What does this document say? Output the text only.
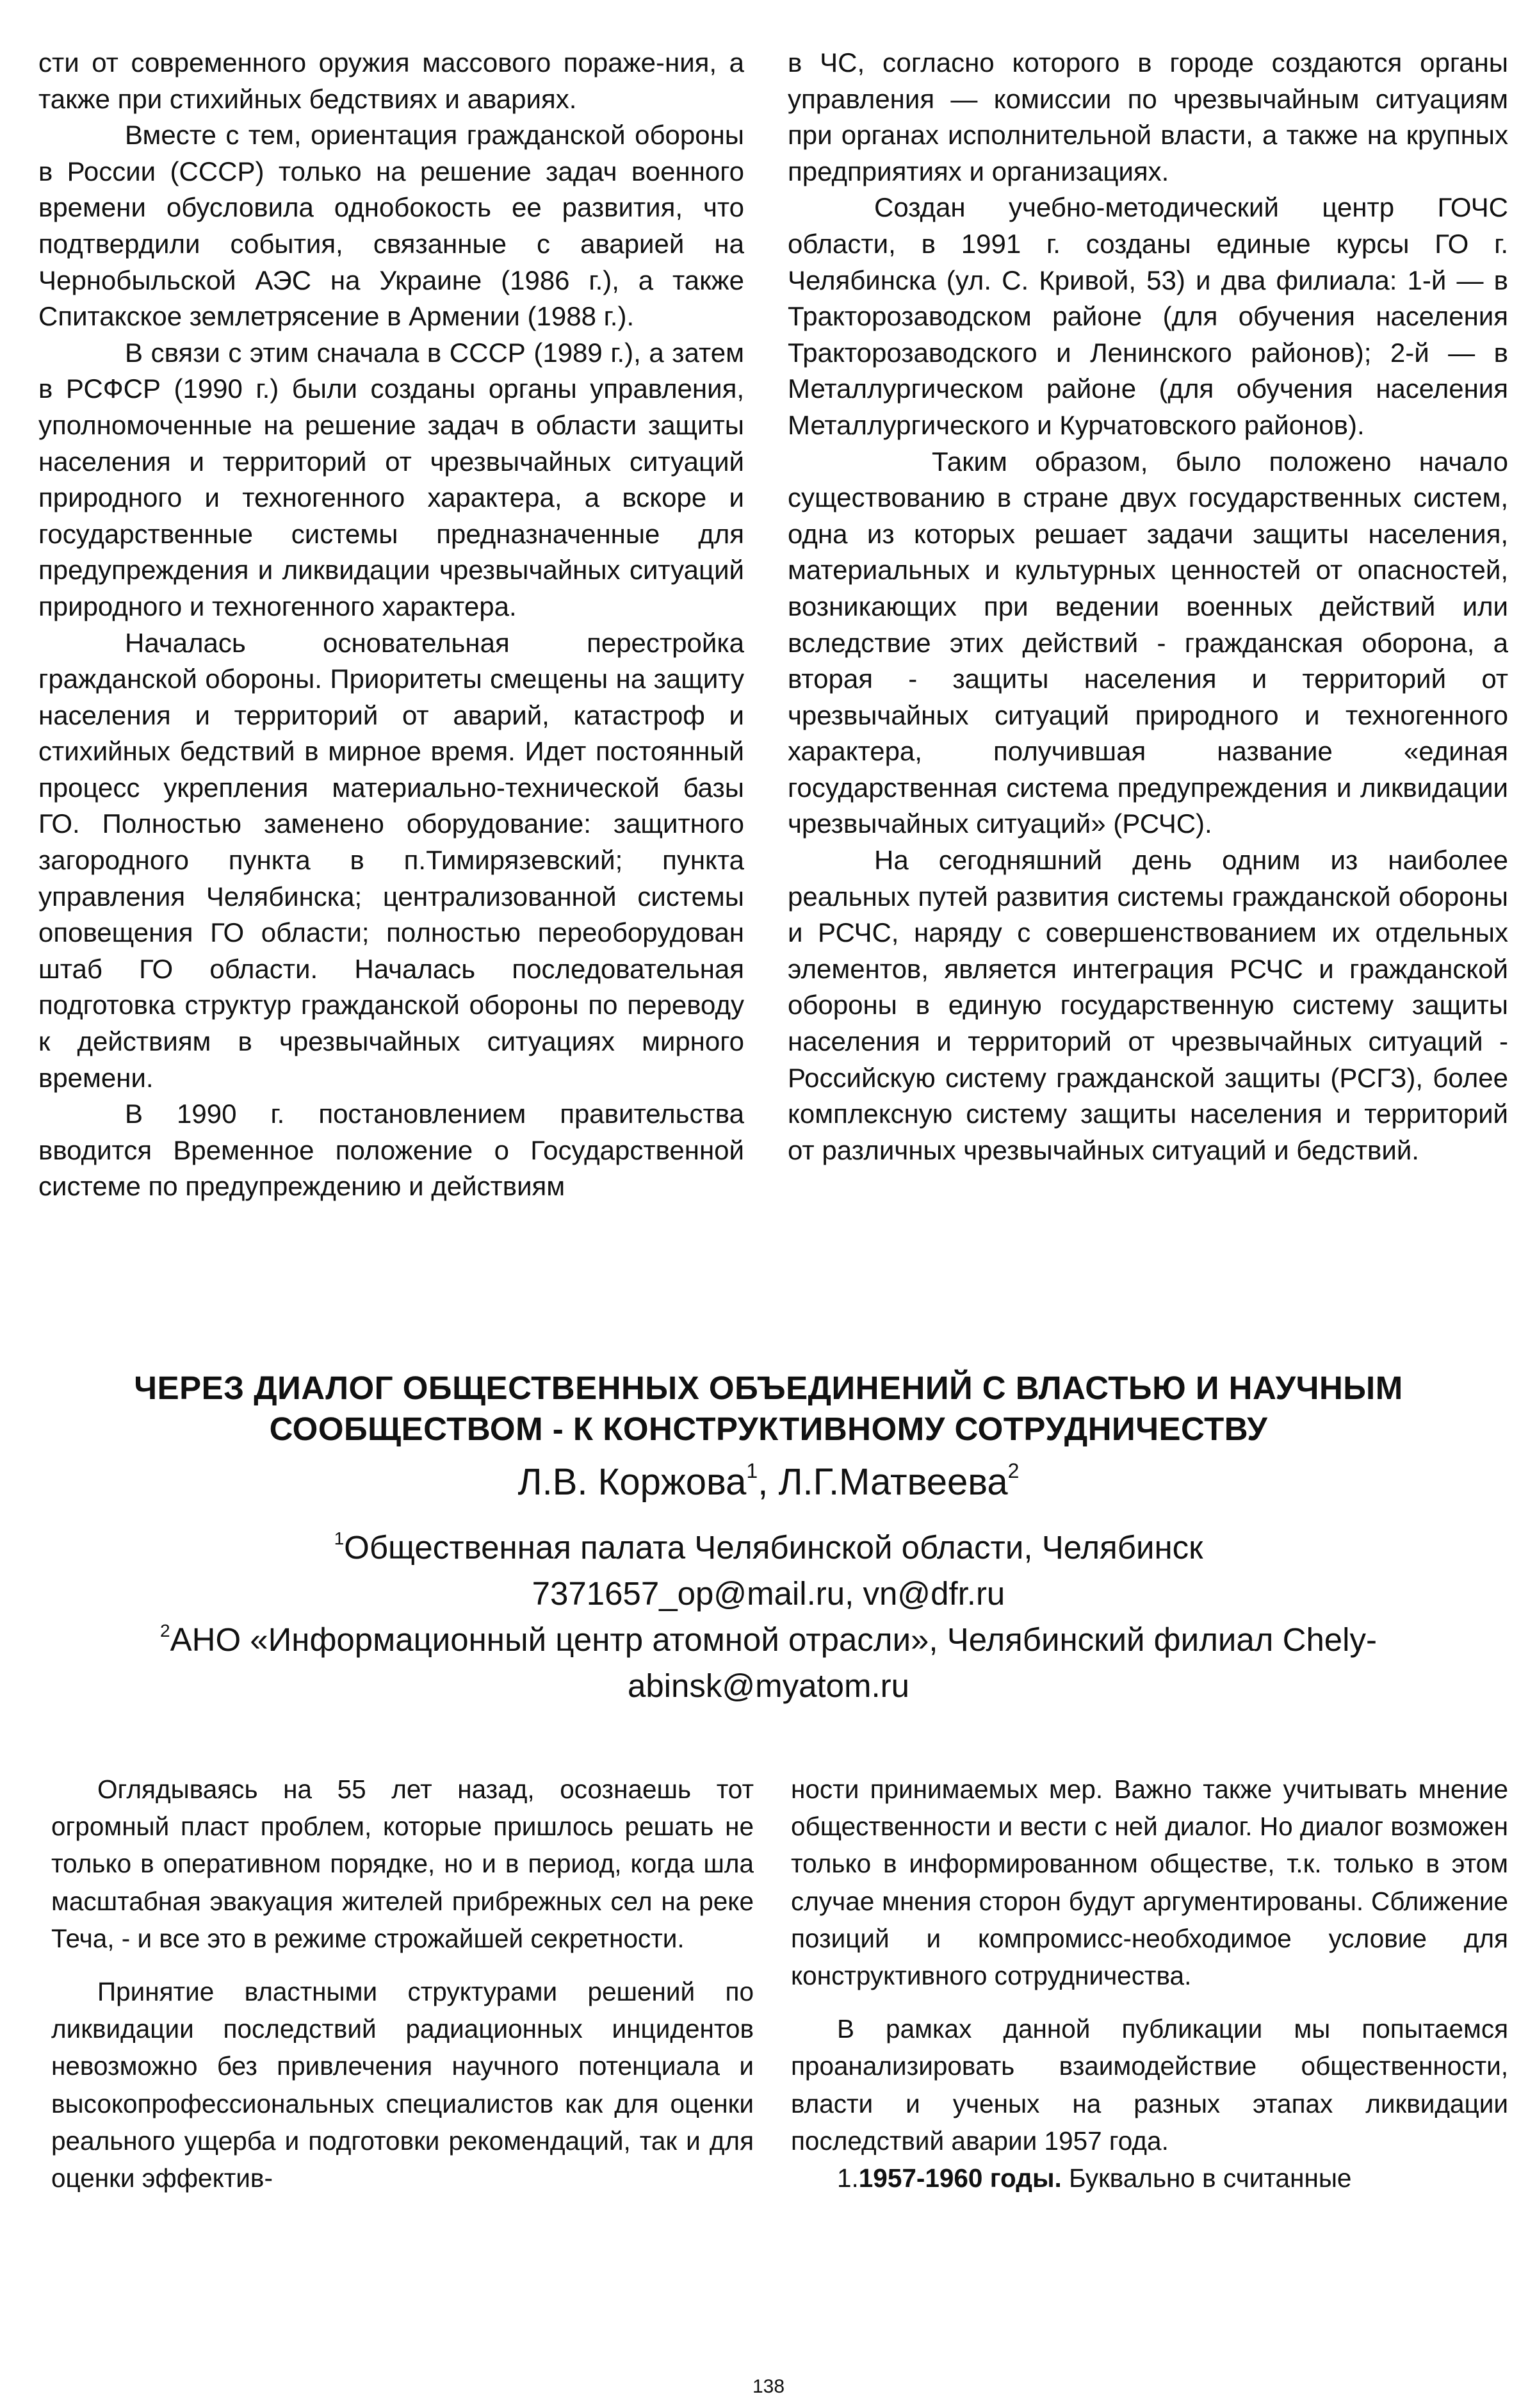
сти от современного оружия массового пораже-ния, а также при стихийных бедствиях и авариях.

Вместе с тем, ориентация гражданской обороны в России (СССР) только на решение задач военного времени обусловила однобокость ее развития, что подтвердили события, связанные с аварией на Чернобыльской АЭС на Украине (1986 г.), а также Спитакское землетрясение в Армении (1988 г.).

В связи с этим сначала в СССР (1989 г.), а затем в РСФСР (1990 г.) были созданы органы управления, уполномоченные на решение задач в области защиты населения и территорий от чрезвычайных ситуаций природного и техногенного характера, а вскоре и государственные системы предназначенные для предупреждения и ликвидации чрезвычайных ситуаций природного и техногенного характера.

Началась основательная перестройка гражданской обороны. Приоритеты смещены на защиту населения и территорий от аварий, катастроф и стихийных бедствий в мирное время. Идет постоянный процесс укрепления материально-технической базы ГО. Полностью заменено оборудование: защитного загородного пункта в п.Тимирязевский; пункта управления Челябинска; централизованной системы оповещения ГО области; полностью переоборудован штаб ГО области. Началась последовательная подготовка структур гражданской обороны по переводу к действиям в чрезвычайных ситуациях мирного времени.

В 1990 г. постановлением правительства вводится Временное положение о Государственной системе по предупреждению и действиям

в ЧС, согласно которого в городе создаются органы управления — комиссии по чрезвычайным ситуациям при органах исполнительной власти, а также на крупных предприятиях и организациях.

Создан учебно-методический центр ГОЧС области, в 1991 г. созданы единые курсы ГО г. Челябинска (ул. С. Кривой, 53) и два филиала: 1-й — в Тракторозаводском районе (для обучения населения Тракторозаводского и Ленинского районов); 2-й — в Металлургическом районе (для обучения населения Металлургического и Курчатовского районов).

Таким образом, было положено начало существованию в стране двух государственных систем, одна из которых решает задачи защиты населения, материальных и культурных ценностей от опасностей, возникающих при ведении военных действий или вследствие этих действий - гражданская оборона, а вторая - защиты населения и территорий от чрезвычайных ситуаций природного и техногенного характера, получившая название «единая государственная система предупреждения и ликвидации чрезвычайных ситуаций» (РСЧС).

На сегодняшний день одним из наиболее реальных путей развития системы гражданской обороны и РСЧС, наряду с совершенствованием их отдельных элементов, является интеграция РСЧС и гражданской обороны в единую государственную систему защиты населения и территорий от чрезвычайных ситуаций - Российскую систему гражданской защиты (РСГЗ), более комплексную систему защиты населения и территорий от различных чрезвычайных ситуаций и бедствий.

ЧЕРЕЗ ДИАЛОГ ОБЩЕСТВЕННЫХ ОБЪЕДИНЕНИЙ С ВЛАСТЬЮ И НАУЧНЫМ
СООБЩЕСТВОМ - К КОНСТРУКТИВНОМУ СОТРУДНИЧЕСТВУ
Л.В. Коржова$^1$, Л.Г.Матвеева$^2$
$^1$Общественная палата Челябинской области, Челябинск
7371657_op@mail.ru, vn@dfr.ru
$^2$АНО «Информационный центр атомной отрасли», Челябинский филиал Chely-
abinsk@myatom.ru

Оглядываясь на 55 лет назад, осознаешь тот огромный пласт проблем, которые пришлось решать не только в оперативном порядке, но и в период, когда шла масштабная эвакуация жителей прибрежных сел на реке Теча, - и все это в режиме строжайшей секретности.

Принятие властными структурами решений по ликвидации последствий радиационных инцидентов невозможно без привлечения научного потенциала и высокопрофессиональных специалистов как для оценки реального ущерба и подготовки рекомендаций, так и для оценки эффектив-

ности принимаемых мер. Важно также учитывать мнение общественности и вести с ней диалог. Но диалог возможен только в информированном обществе, т.к. только в этом случае мнения сторон будут аргументированы. Сближение позиций и компромисс-необходимое условие для конструктивного сотрудничества.

В рамках данной публикации мы попытаемся проанализировать взаимодействие общественности, власти и ученых на разных этапах ликвидации последствий аварии 1957 года.

1.1957-1960 годы. Буквально в считанные

138
